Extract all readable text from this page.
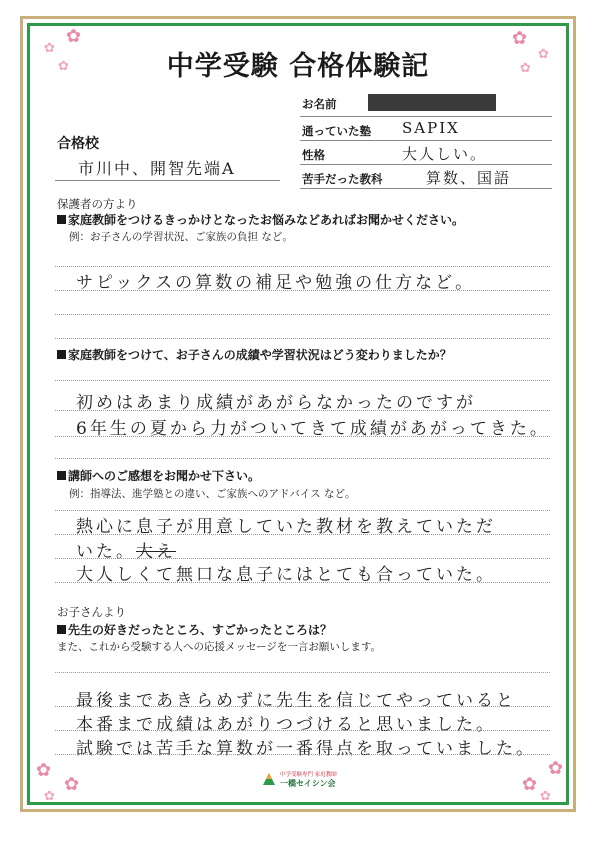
✿
✿
✿
✿
✿
✿
✿
✿
✿
✿
✿
✿
中学受験 合格体験記
お名前
通っていた塾 SAPIX
性格	大人しい。
苦手だった教科	算数、国語
合格校
市川中、開智先端A
保護者の方より
家庭教師をつけるきっかけとなったお悩みなどあればお聞かせください。
例：お子さんの学習状況、ご家族の負担 など。
サピックスの算数の補足や勉強の仕方など。
家庭教師をつけて、お子さんの成績や学習状況はどう変わりましたか？
初めはあまり成績があがらなかったのですが
6年生の夏から力がついてきて成績があがってきた。
講師へのご感想をお聞かせ下さい。
例：指導法、進学塾との違い、ご家族へのアドバイス など。
熱心に息子が用意していた教材を教えていただ
いた。大え
大人しくて無口な息子にはとても合っていた。
お子さんより
先生の好きだったところ、すごかったところは？
また、これから受験する人への応援メッセージを一言お願いします。
最後まであきらめずに先生を信じてやっていると
本番まで成績はあがりつづけると思いました。
試験では苦手な算数が一番得点を取っていました。
中学受験専門 家庭教師
一橋セイシン会
